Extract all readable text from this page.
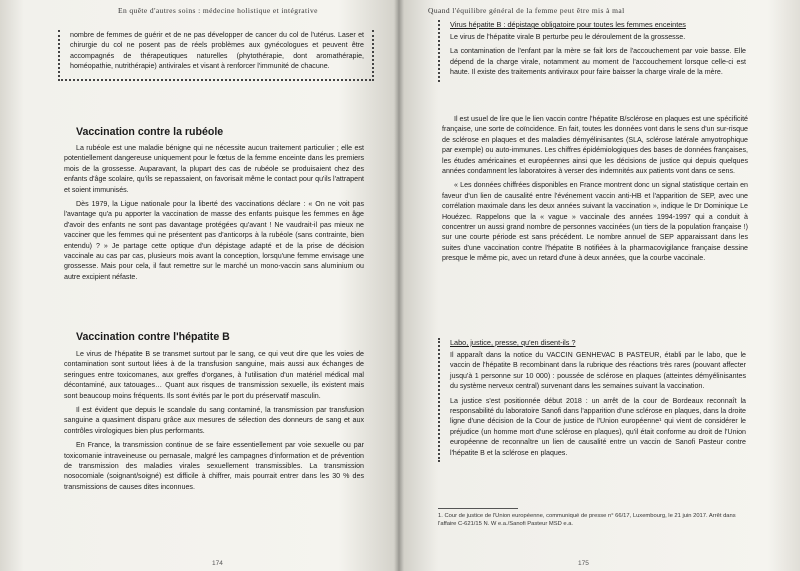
En quête d'autres soins : médecine holistique et intégrative

nombre de femmes de guérir et de ne pas développer de cancer du col de l'utérus. Laser et chirurgie du col ne posent pas de réels problèmes aux gynécologues et peuvent être accompagnés de thérapeutiques naturelles (phytothérapie, dont aromathérapie, homéopathie, nutrithérapie) antivirales et visant à renforcer l'immunité de chacune.

Vaccination contre la rubéole

La rubéole est une maladie bénigne qui ne nécessite aucun traitement particulier ; elle est potentiellement dangereuse uniquement pour le fœtus de la femme enceinte dans les premiers mois de la grossesse. Auparavant, la plupart des cas de rubéole se produisaient chez des enfants d'âge scolaire, qu'ils se repassaient, on favorisait même le contact pour qu'ils l'attrapent et soient immunisés.

Dès 1979, la Ligue nationale pour la liberté des vaccinations déclare : « On ne voit pas l'avantage qu'a pu apporter la vaccination de masse des enfants puisque les femmes en âge d'avoir des enfants ne sont pas davantage protégées qu'avant ! Ne vaudrait-il pas mieux ne vacciner que les femmes qui ne présentent pas d'anticorps à la rubéole (sans contrainte, bien entendu) ? » Je partage cette optique d'un dépistage adapté et de la prise de décision vaccinale au cas par cas, plusieurs mois avant la conception, lorsqu'une femme envisage une grossesse. Mais pour cela, il faut remettre sur le marché un mono-vaccin sans aluminium ou autre excipient néfaste.

Vaccination contre l'hépatite B

Le virus de l'hépatite B se transmet surtout par le sang, ce qui veut dire que les voies de contamination sont surtout liées à de la transfusion sanguine, mais aussi aux échanges de seringues entre toxicomanes, aux greffes d'organes, à l'utilisation d'un matériel médical mal décontaminé, aux tatouages… Quant aux risques de transmission sexuelle, ils existent mais sont beaucoup moins fréquents. Ils sont évités par le port du préservatif masculin.

Il est évident que depuis le scandale du sang contaminé, la transmission par transfusion sanguine a quasiment disparu grâce aux mesures de sélection des donneurs de sang et aux contrôles virologiques bien plus performants.

En France, la transmission continue de se faire essentiellement par voie sexuelle ou par toxicomanie intraveineuse ou pernasale, malgré les campagnes d'information et de prévention de transmission des maladies virales sexuellement transmissibles. La transmission nosocomiale (soignant/soigné) est difficile à chiffrer, mais pourrait entrer dans les 30 % des transmissions de causes dites inconnues.

174
Quand l'équilibre général de la femme peut être mis à mal
Virus hépatite B : dépistage obligatoire pour toutes les femmes enceintes

Le virus de l'hépatite virale B perturbe peu le déroulement de la grossesse.

La contamination de l'enfant par la mère se fait lors de l'accouchement par voie basse. Elle dépend de la charge virale, notamment au moment de l'accouchement lorsque celle-ci est haute. Il existe des traitements antiviraux pour faire baisser la charge virale de la mère.

Il est usuel de lire que le lien vaccin contre l'hépatite B/sclérose en plaques est une spécificité française, une sorte de coïncidence. En fait, toutes les données vont dans le sens d'un sur-risque de sclérose en plaques et des maladies démyélinisantes (SLA, sclérose latérale amyotrophique par exemple) ou auto-immunes. Les chiffres épidémiologiques des bases de données françaises, les études américaines et européennes ainsi que les décisions de justice qui depuis quelques années condamnent les laboratoires à verser des indemnités aux patients vont dans ce sens.

« Les données chiffrées disponibles en France montrent donc un signal statistique certain en faveur d'un lien de causalité entre l'événement vaccin anti-HB et l'apparition de SEP, avec une corrélation maximale dans les deux années suivant la vaccination », indique le Dr Dominique Le Houézec. Rappelons que la « vague » vaccinale des années 1994-1997 qui a conduit à concentrer un aussi grand nombre de personnes vaccinées (un tiers de la population française !) sur une courte période est sans précédent. Le nombre annuel de SEP apparaissant dans les suites d'une vaccination contre l'hépatite B notifiées à la pharmacovigilance française dessine presque le même pic, avec un retard d'une à deux années, que la courbe vaccinale.

Labo, justice, presse, qu'en disent-ils ?

Il apparaît dans la notice du VACCIN GENHEVAC B PASTEUR, établi par le labo, que le vaccin de l'hépatite B recombinant dans la rubrique des réactions très rares (pouvant affecter jusqu'à 1 personne sur 10 000) : poussée de sclérose en plaques (atteintes démyélinisantes du système nerveux central) survenant dans les semaines suivant la vaccination.

La justice s'est positionnée début 2018 : un arrêt de la cour de Bordeaux reconnaît la responsabilité du laboratoire Sanofi dans l'apparition d'une sclérose en plaques, dans la droite ligne d'une décision de la Cour de justice de l'Union européenne¹ qui vient de considérer le préjudice (un homme mort d'une sclérose en plaques), qu'il était conforme au droit de l'Union européenne de reconnaître un lien de causalité entre un vaccin de Sanofi Pasteur contre l'hépatite B et la sclérose en plaques.

1. Cour de justice de l'Union européenne, communiqué de presse n° 66/17, Luxembourg, le 21 juin 2017. Arrêt dans l'affaire C-621/15 N. W e.a./Sanofi Pasteur MSD e.a.
175
